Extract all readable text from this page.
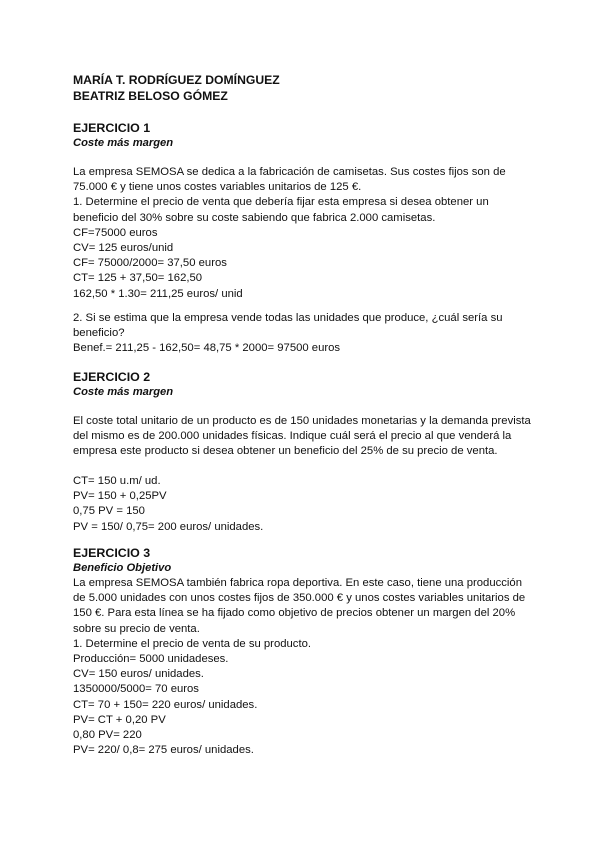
MARÍA T. RODRÍGUEZ DOMÍNGUEZ
BEATRIZ BELOSO GÓMEZ
EJERCICIO 1
Coste más margen
La empresa SEMOSA se dedica a la fabricación de camisetas. Sus costes fijos son de
75.000 € y tiene unos costes variables unitarios de 125 €.
1. Determine el precio de venta que debería fijar esta empresa si desea obtener un
beneficio del 30% sobre su coste sabiendo que fabrica 2.000 camisetas.
CF=75000 euros
CV= 125 euros/unid
CF= 75000/2000= 37,50 euros
CT= 125 + 37,50= 162,50
162,50 * 1.30= 211,25 euros/ unid
2. Si se estima que la empresa vende todas las unidades que produce, ¿cuál sería su
beneficio?
Benef.= 211,25 - 162,50= 48,75 * 2000= 97500 euros
EJERCICIO 2
Coste más margen
El coste total unitario de un producto es de 150 unidades monetarias y la demanda prevista
del mismo es de 200.000 unidades físicas. Indique cuál será el precio al que venderá la
empresa este producto si desea obtener un beneficio del 25% de su precio de venta.
CT= 150 u.m/ ud.
PV= 150 + 0,25PV
0,75 PV = 150
PV = 150/ 0,75= 200 euros/ unidades.
EJERCICIO 3
Beneficio Objetivo
La empresa SEMOSA también fabrica ropa deportiva. En este caso, tiene una producción
de 5.000 unidades con unos costes fijos de 350.000 € y unos costes variables unitarios de
150 €. Para esta línea se ha fijado como objetivo de precios obtener un margen del 20%
sobre su precio de venta.
1. Determine el precio de venta de su producto.
Producción= 5000 unidadeses.
CV= 150 euros/ unidades.
1350000/5000= 70 euros
CT= 70 + 150= 220 euros/ unidades.
PV= CT + 0,20 PV
0,80 PV= 220
PV= 220/ 0,8= 275 euros/ unidades.
